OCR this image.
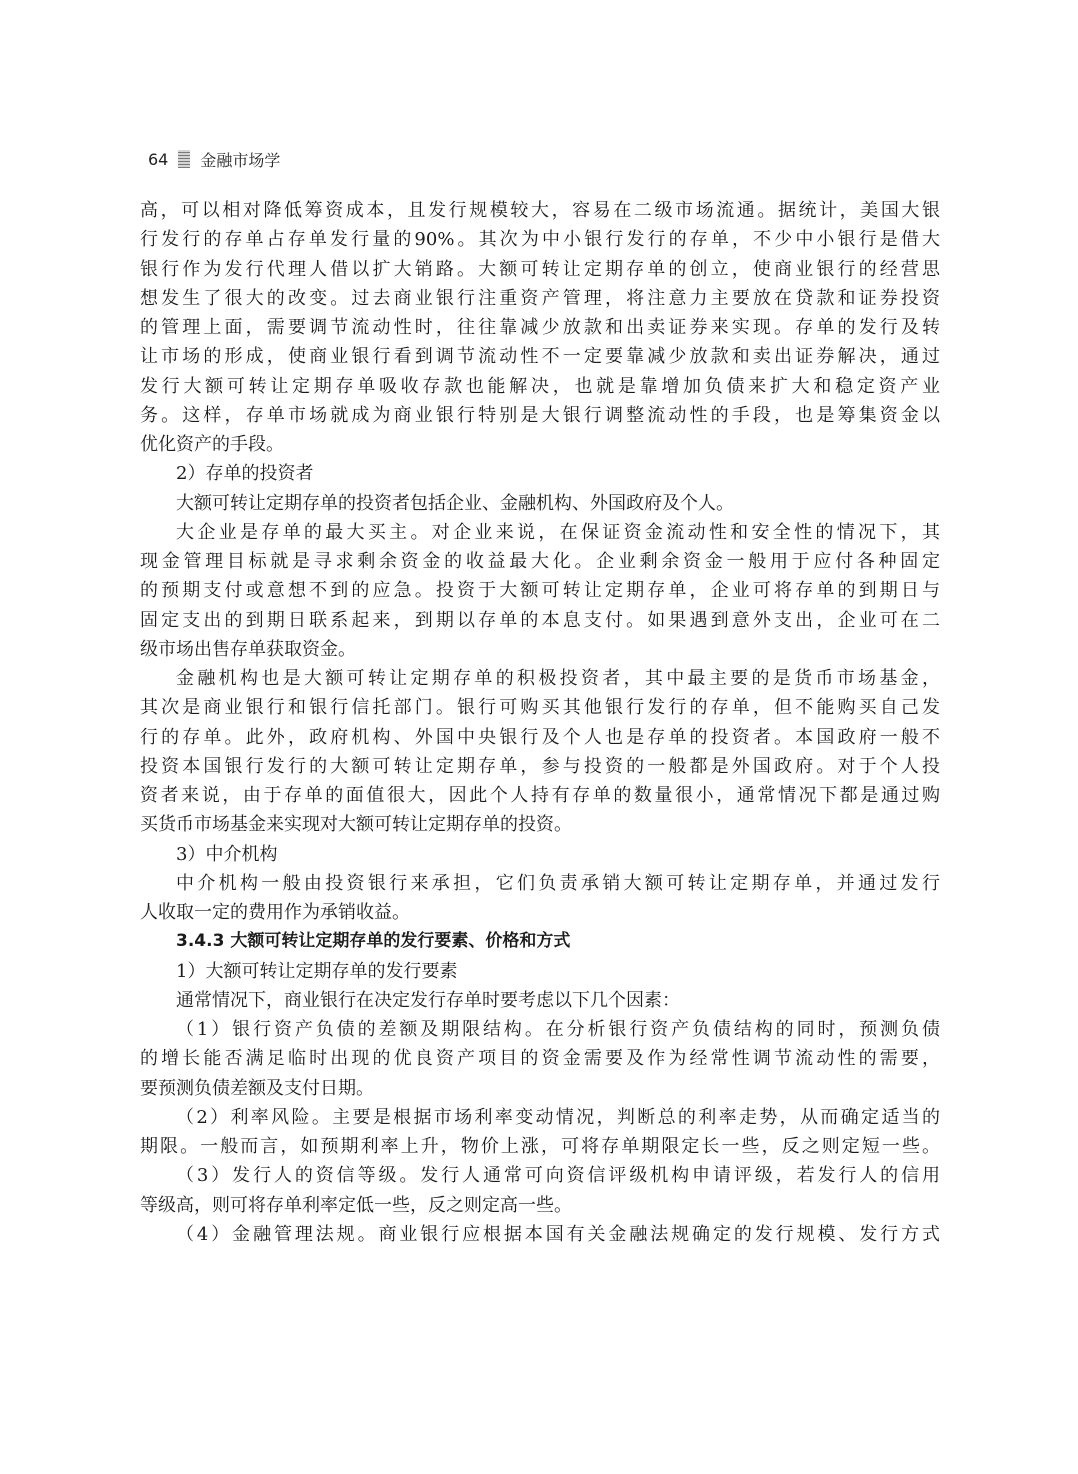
64 金融市场学
高，可以相对降低筹资成本，且发行规模较大，容易在二级市场流通。据统计，美国大银
行发行的存单占存单发行量的90%。其次为中小银行发行的存单，不少中小银行是借大
银行作为发行代理人借以扩大销路。大额可转让定期存单的创立，使商业银行的经营思
想发生了很大的改变。过去商业银行注重资产管理，将注意力主要放在贷款和证券投资
的管理上面，需要调节流动性时，往往靠减少放款和出卖证券来实现。存单的发行及转
让市场的形成，使商业银行看到调节流动性不一定要靠减少放款和卖出证券解决，通过
发行大额可转让定期存单吸收存款也能解决，也就是靠增加负债来扩大和稳定资产业
务。这样，存单市场就成为商业银行特别是大银行调整流动性的手段，也是筹集资金以
优化资产的手段。
2）存单的投资者
大额可转让定期存单的投资者包括企业、金融机构、外国政府及个人。
大企业是存单的最大买主。对企业来说，在保证资金流动性和安全性的情况下，其
现金管理目标就是寻求剩余资金的收益最大化。企业剩余资金一般用于应付各种固定
的预期支付或意想不到的应急。投资于大额可转让定期存单，企业可将存单的到期日与
固定支出的到期日联系起来，到期以存单的本息支付。如果遇到意外支出，企业可在二
级市场出售存单获取资金。
金融机构也是大额可转让定期存单的积极投资者，其中最主要的是货币市场基金，
其次是商业银行和银行信托部门。银行可购买其他银行发行的存单，但不能购买自己发
行的存单。此外，政府机构、外国中央银行及个人也是存单的投资者。本国政府一般不
投资本国银行发行的大额可转让定期存单，参与投资的一般都是外国政府。对于个人投
资者来说，由于存单的面值很大，因此个人持有存单的数量很小，通常情况下都是通过购
买货币市场基金来实现对大额可转让定期存单的投资。
3）中介机构
中介机构一般由投资银行来承担，它们负责承销大额可转让定期存单，并通过发行
人收取一定的费用作为承销收益。
3.4.3 大额可转让定期存单的发行要素、价格和方式
1）大额可转让定期存单的发行要素
通常情况下，商业银行在决定发行存单时要考虑以下几个因素：
（1）银行资产负债的差额及期限结构。在分析银行资产负债结构的同时，预测负债
的增长能否满足临时出现的优良资产项目的资金需要及作为经常性调节流动性的需要，
要预测负债差额及支付日期。
（2）利率风险。主要是根据市场利率变动情况，判断总的利率走势，从而确定适当的
期限。一般而言，如预期利率上升，物价上涨，可将存单期限定长一些，反之则定短一些。
（3）发行人的资信等级。发行人通常可向资信评级机构申请评级，若发行人的信用
等级高，则可将存单利率定低一些，反之则定高一些。
（4）金融管理法规。商业银行应根据本国有关金融法规确定的发行规模、发行方式
